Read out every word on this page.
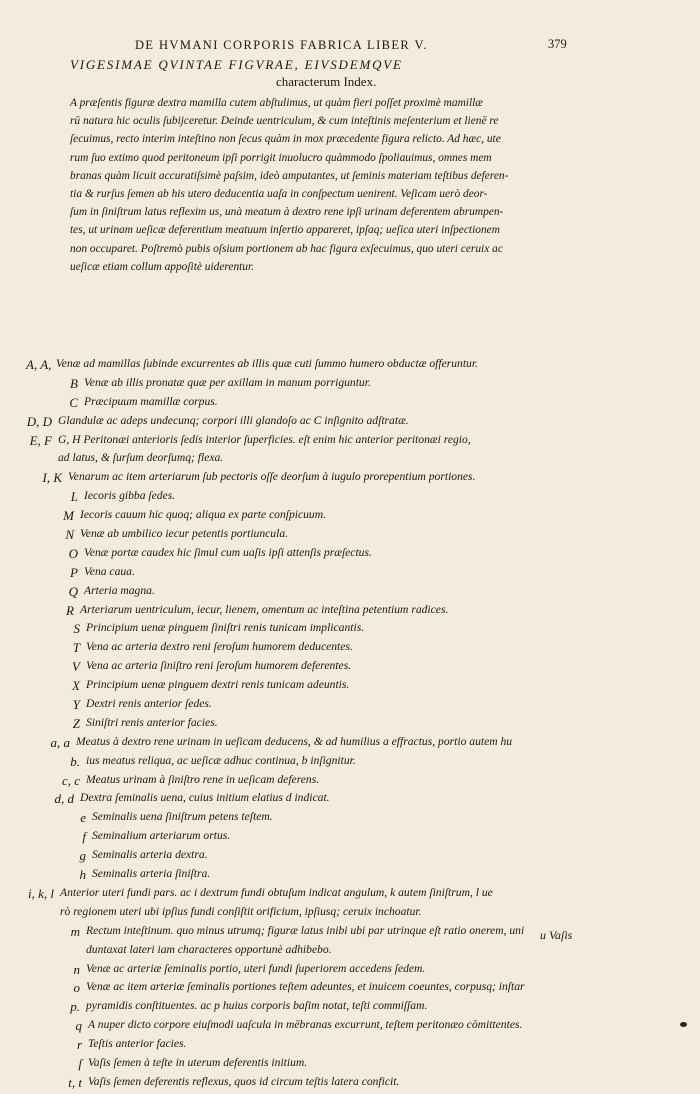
DE HVMANI CORPORIS FABRICA LIBER V.	379
VIGESIMAE QVINTAE FIGVRAE, EIVSDEMQVE
characterum Index.
A præſentis figuræ dextra mamilla cutem abſtulimus, ut quàm fieri poſſet proximè mamillæ
rū natura hic oculis ſubijceretur. Deinde uentriculum, & cum inteſtinis meſenterium et lienē re
ſecuimus, recto interim inteſtino non ſecus quàm in mox præcedente figura relicto. Ad hæc, ute
rum ſuo extimo quod peritoneum ipſi porrigit inuolucro quàmmodo ſpoliauimus, omnes mem
branas quàm licuit accuratiſsimè paſsim, ideò amputantes, ut ſeminis materiam teſtibus deferen-
tia & rurſus ſemen ab his utero deducentia uaſa in conſpectum uenirent. Veſicam uerò deor-
ſum in ſiniſtrum latus reflexim us, unà meatum à dextro rene ipſi urinam deferentem abrumpen-
tes, ut urinam ueſicæ deferentium meatuum inſertio appareret, ipſaq; ueſica uteri inſpectionem
non occuparet. Poſtremò pubis oſsium portionem ab hac figura exſecuimus, quo uteri ceruix ac
ueſicæ etiam collum appoſitè uiderentur.
A, A, Venæ ad mamillas ſubinde excurrentes ab illis quæ cuti ſummo humero obductæ offeruntur.
B Venæ ab illis pronatæ quæ per axillam in manum porriguntur.
C Præcipuum mamillæ corpus.
D, D Glandulæ ac adeps undecunq; corpori illi glandoſo ac C inſignito adſtratæ.
E, F G, H Peritonæi anterioris ſedis interior ſuperficies. eſt enim hic anterior peritonæi regio,
ad latus, & ſurſum deorſumq; flexa.
I, K Venarum ac item arteriarum ſub pectoris oſſe deorſum à iugulo prorepentium portiones.
L Iecoris gibba ſedes.
M Iecoris cauum hic quoq; aliqua ex parte conſpicuum.
N Venæ ab umbilico iecur petentis portiuncula.
O Venæ portæ caudex hic ſimul cum uaſis ipſi attenſis præſectus.
P Vena caua.
Q Arteria magna.
R Arteriarum uentriculum, iecur, lienem, omentum ac inteſtina petentium radices.
S Principium uenæ pinguem ſiniſtri renis tunicam implicantis.
T Vena ac arteria dextro reni ſeroſum humorem deducentes.
V Vena ac arteria ſiniſtro reni ſeroſum humorem deferentes.
X Principium uenæ pinguem dextri renis tunicam adeuntis.
Y Dextri renis anterior ſedes.
Z Siniſtri renis anterior facies.
a, a Meatus à dextro rene urinam in ueſicam deducens, & ad humilius a effractus, portio autem hu
b. ius meatus reliqua, ac ueſicæ adhuc continua, b inſignitur.
c, c Meatus urinam à ſiniſtro rene in ueſicam deferens.
d, d Dextra ſeminalis uena, cuius initium elatius d indicat.
e Seminalis uena ſiniſtrum petens teſtem.
f Seminalium arteriarum ortus.
g Seminalis arteria dextra.
h Seminalis arteria ſiniſtra.
i, k, l Anterior uteri fundi pars. ac i dextrum fundi obtuſum indicat angulum, k autem ſiniſtrum, l ue
rò regionem uteri ubi ipſius fundi conſiſtit orificium, ipſiusq; ceruix inchoatur.
m Rectum inteſtinum. quo minus utrumq; figuræ latus inibi ubi par utrinque eſt ratio onerem, uni
duntaxat lateri iam characteres opportunè adhibebo.
n Venæ ac arteriæ ſeminalis portio, uteri fundi ſuperiorem accedens ſedem.
o Venæ ac item arteriæ ſeminalis portiones teſtem adeuntes, et inuicem coeuntes, corpusq; inſtar
p. pyramidis conſtituentes. ac p huius corporis baſim notat, teſti commiſſam.
q A nuper dicto corpore eiuſmodi uaſcula in mēbranas excurrunt, teſtem peritonæo cōmittentes.
r Teſtis anterior facies.
ſ Vaſis ſemen à teſte in uterum deferentis initium.
t, t Vaſis ſemen deferentis reflexus, quos id circum teſtis latera conficit.
u Vaſis
